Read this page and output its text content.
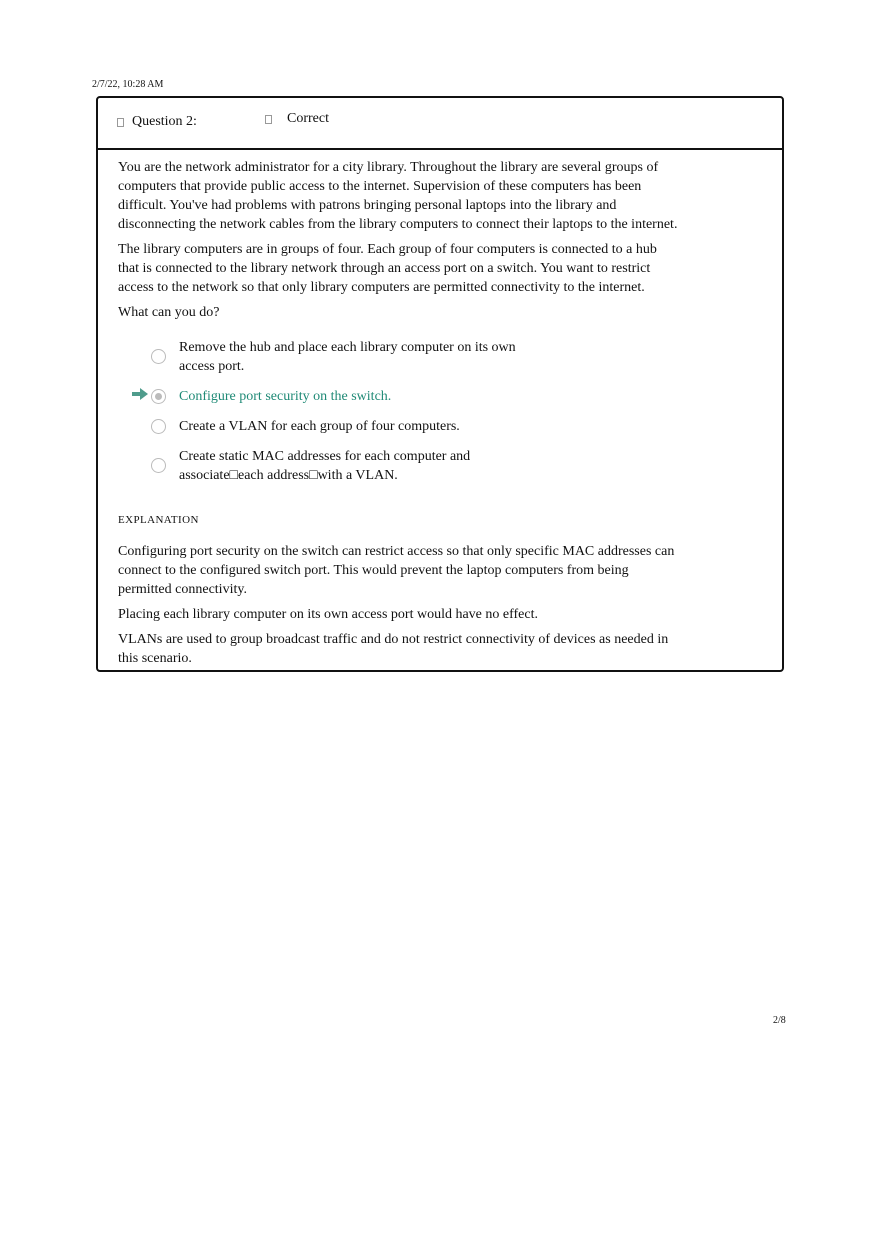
2/7/22, 10:28 AM
Question 2:	Correct

You are the network administrator for a city library. Throughout the library are several groups of computers that provide public access to the internet. Supervision of these computers has been difficult. You've had problems with patrons bringing personal laptops into the library and disconnecting the network cables from the library computers to connect their laptops to the internet.

The library computers are in groups of four. Each group of four computers is connected to a hub that is connected to the library network through an access port on a switch. You want to restrict access to the network so that only library computers are permitted connectivity to the internet.

What can you do?

Remove the hub and place each library computer on its own access port.
Configure port security on the switch.
Create a VLAN for each group of four computers.
Create static MAC addresses for each computer and associate□each address□with a VLAN.
EXPLANATION

Configuring port security on the switch can restrict access so that only specific MAC addresses can connect to the configured switch port. This would prevent the laptop computers from being permitted connectivity.

Placing each library computer on its own access port would have no effect.

VLANs are used to group broadcast traffic and do not restrict connectivity of devices as needed in this scenario.

2/8
